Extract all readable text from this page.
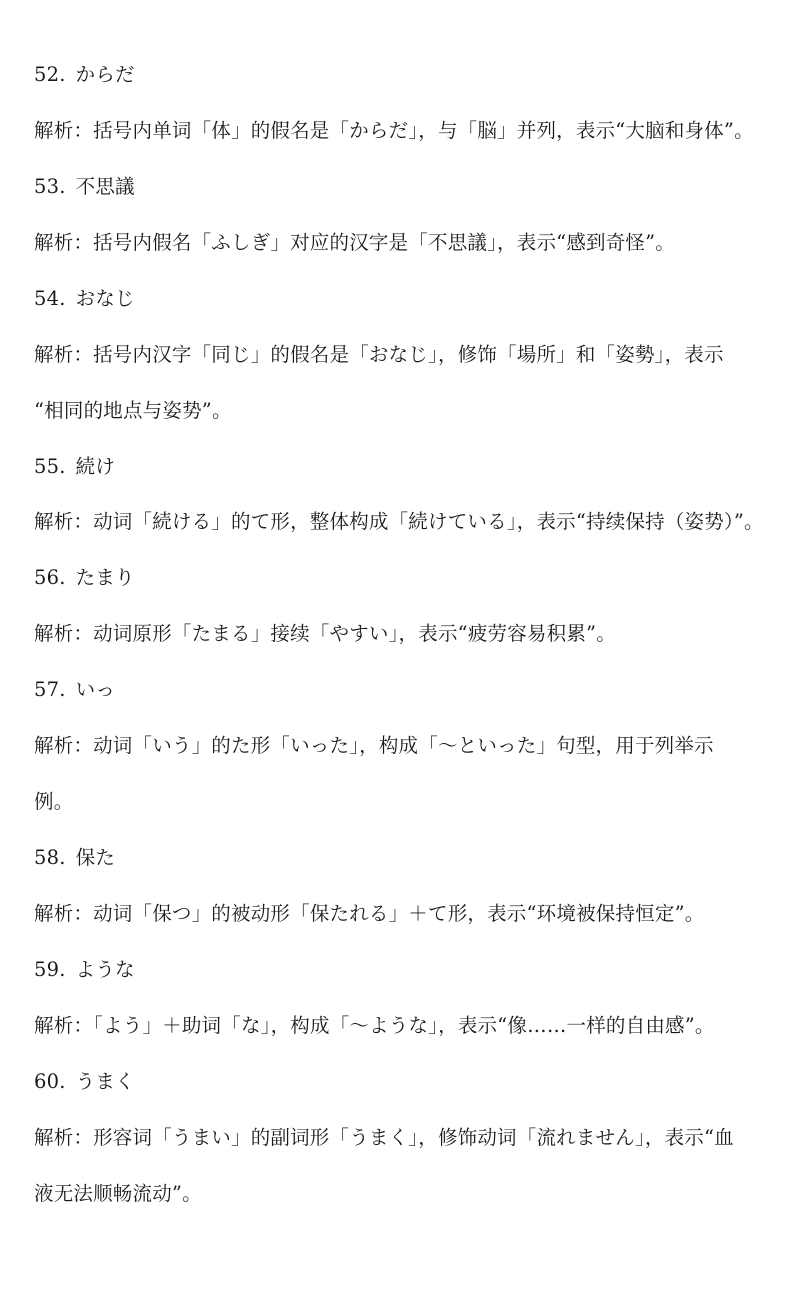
52. からだ
解析：括号内单词「体」的假名是「からだ」，与「脳」并列，表示“大脑和身体”。
53. 不思議
解析：括号内假名「ふしぎ」对应的汉字是「不思議」，表示“感到奇怪”。
54. おなじ
解析：括号内汉字「同じ」的假名是「おなじ」，修饰「場所」和「姿勢」，表示
“相同的地点与姿势”。
55. 続け
解析：动词「続ける」的て形，整体构成「続けている」，表示“持续保持（姿势）”。
56. たまり
解析：动词原形「たまる」接续「やすい」，表示“疲劳容易积累”。
57. いっ
解析：动词「いう」的た形「いった」，构成「〜といった」句型，用于列举示
例。
58. 保た
解析：动词「保つ」的被动形「保たれる」＋て形，表示“环境被保持恒定”。
59. ような
解析：「よう」＋助词「な」，构成「〜ような」，表示“像……一样的自由感”。
60. うまく
解析：形容词「うまい」的副词形「うまく」，修饰动词「流れません」，表示“血
液无法顺畅流动”。
